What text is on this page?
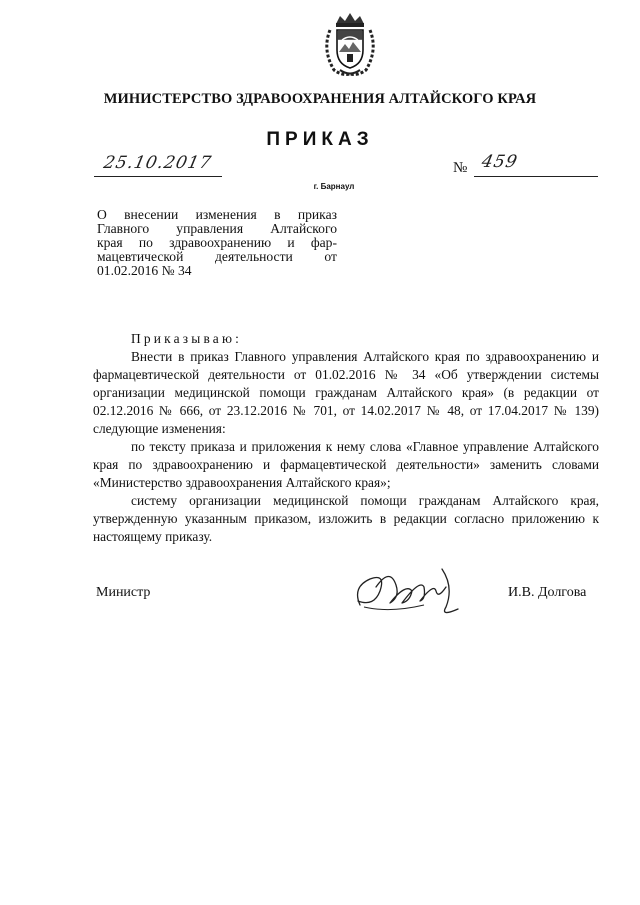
МИНИСТЕРСТВО ЗДРАВООХРАНЕНИЯ АЛТАЙСКОГО КРАЯ
ПРИКАЗ
25.10.2017
г. Барнаул
№ 459
О внесении изменения в приказ
Главного управления Алтайского
края по здравоохранению и фар-
мацевтической деятельности от
01.02.2016 № 34

Приказываю:

Внести в приказ Главного управления Алтайского края по здравоохранению и фармацевтической деятельности от 01.02.2016 № 34 «Об утверждении системы организации медицинской помощи гражданам Алтайского края» (в редакции от 02.12.2016 № 666, от 23.12.2016 № 701, от 14.02.2017 № 48, от 17.04.2017 № 139) следующие изменения:

по тексту приказа и приложения к нему слова «Главное управление Алтайского края по здравоохранению и фармацевтической деятельности» заменить словами «Министерство здравоохранения Алтайского края»;

систему организации медицинской помощи гражданам Алтайского края, утвержденную указанным приказом, изложить в редакции согласно приложению к настоящему приказу.

Министр	И.В. Долгова
